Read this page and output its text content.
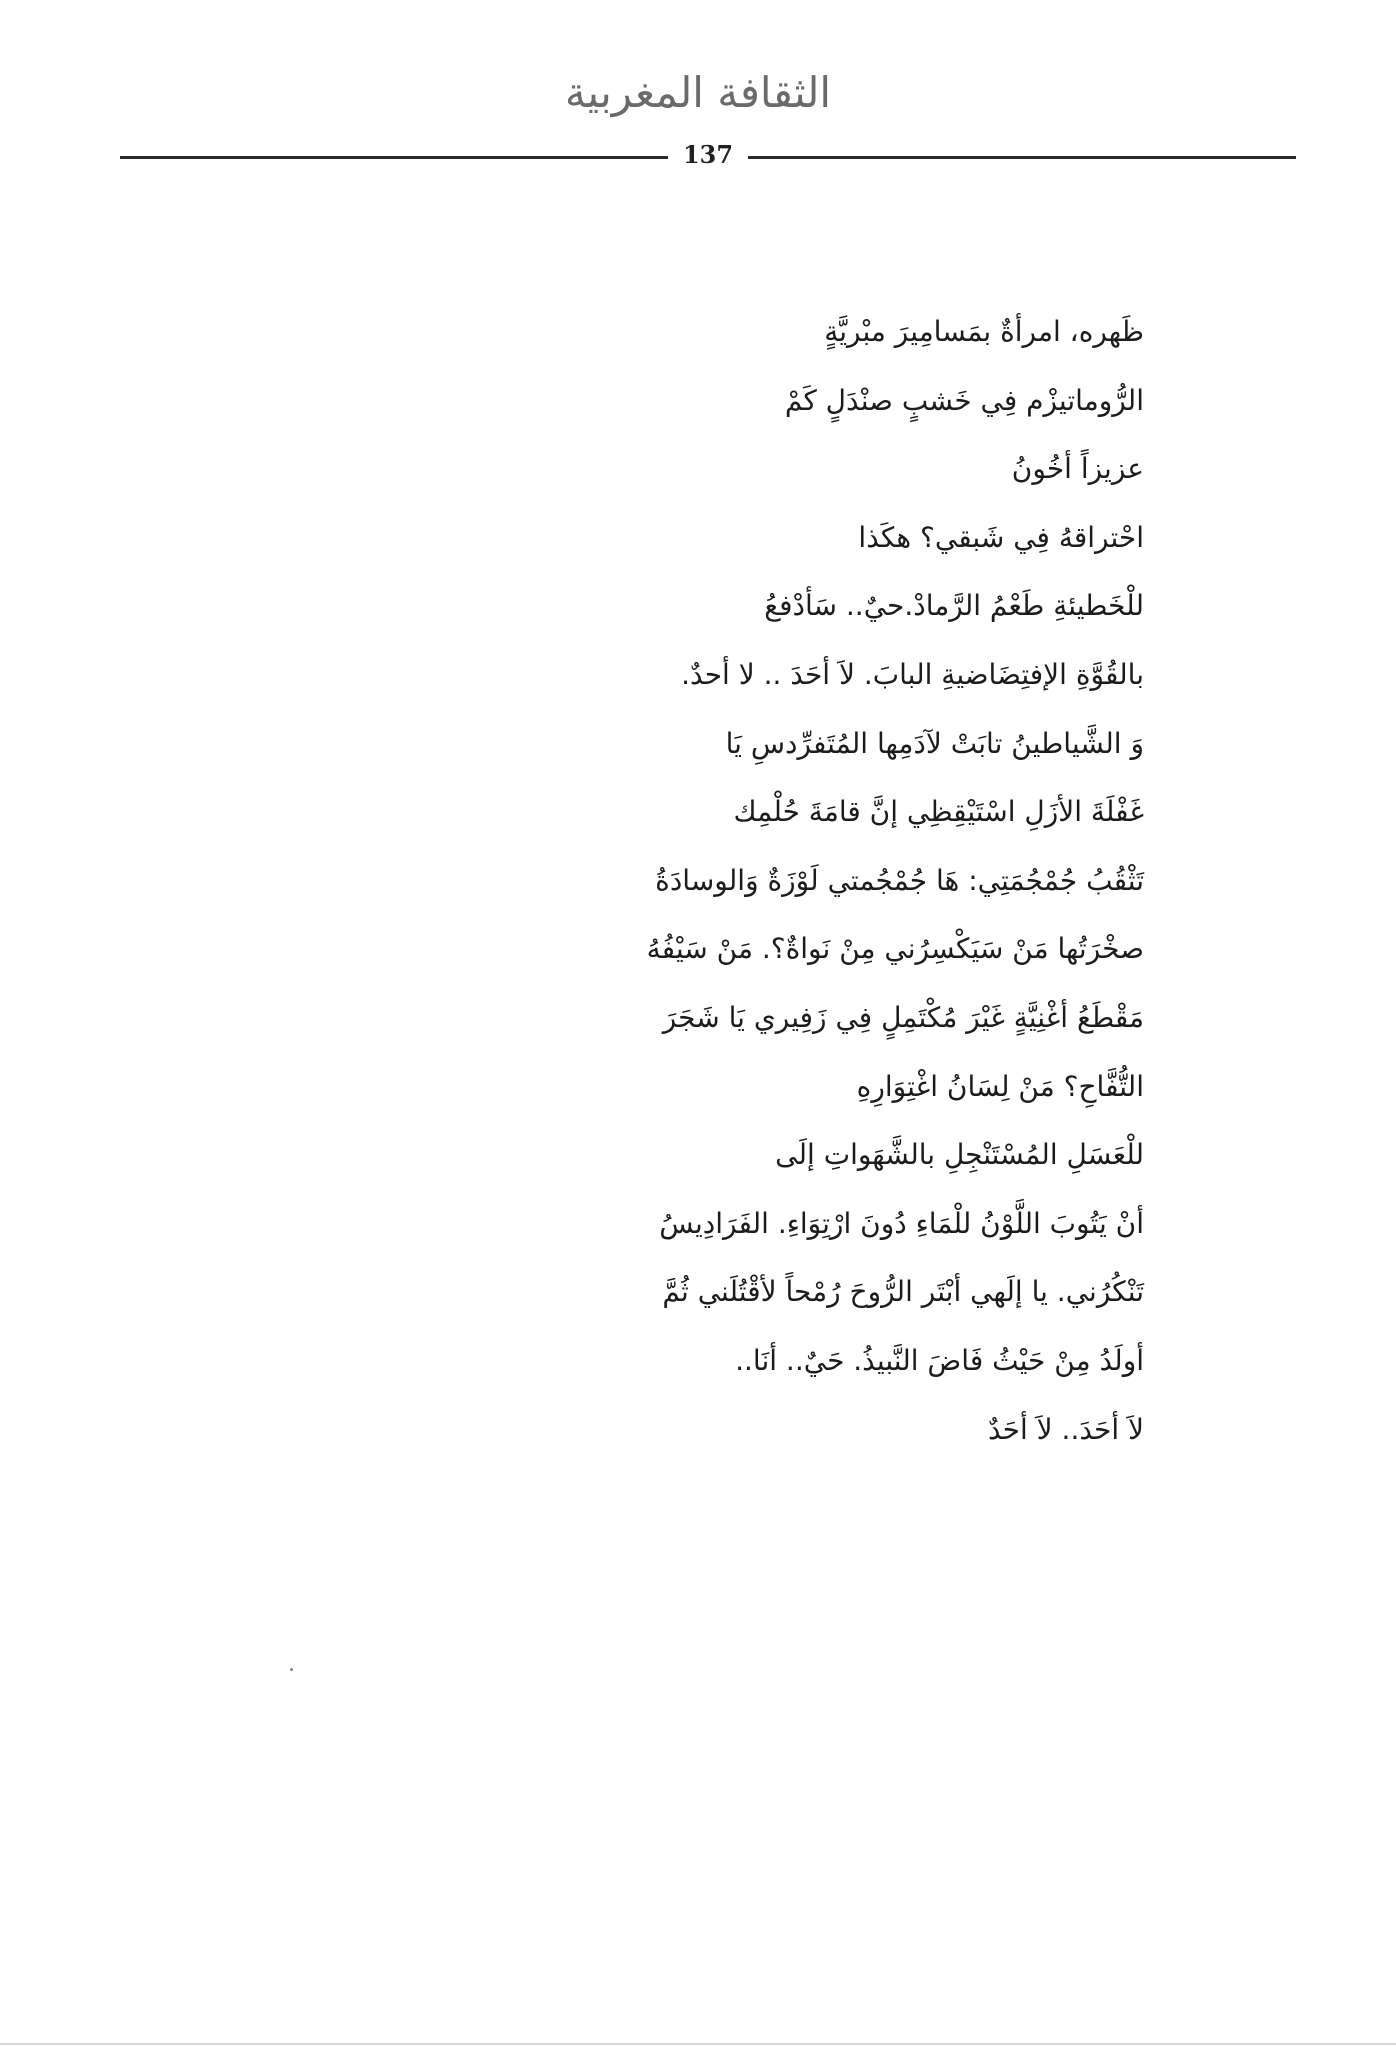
الثقافة المغربية
137
ظَهره، امرأةٌ بمَسامِيرَ مبْريَّةٍ
الرُّوماتيزْم فِي خَشبٍ صنْدَلٍ كَمْ
عزيزاً أخُونُ
احْتراقهُ فِي شَبقي؟ هكَذا
للْخَطيئةِ طَعْمُ الرَّمادْ.حيٌ.. سَأدْفعُ
بالقُوَّةِ الإفتِضَاضيةِ البابَ. لاَ أحَدَ .. لا أحدٌ.
وَ الشَّياطينُ تابَتْ لآدَمِها المُتَفرِّدسِ يَا
غَفْلَةَ الأزَلِ اسْتَيْقِظِي إنَّ قامَةَ حُلْمِك
تَثْقُبُ جُمْجُمَتِي: هَا جُمْجُمتي لَوْزَةٌ وَالوسادَةُ
صخْرَتُها مَنْ سَيَكْسِرُني مِنْ نَواةٌ؟. مَنْ سَيْفُهُ
مَقْطَعُ أغْنِيَّةٍ غَيْرَ مُكْتَمِلٍ فِي زَفِيري يَا شَجَرَ
التُّفَّاحِ؟ مَنْ لِسَانُ اغْتِوَارِهِ
للْعَسَلِ المُسْتَنْجِلِ بالشَّهَواتِ إلَى
أنْ يَتُوبَ اللَّوْنُ للْمَاءِ دُونَ ارْتِوَاءِ. الفَرَادِيسُ
تَنْكُرُني. يا إلَهي أبْتَر الرُّوحَ رُمْحاً لأقْتُلَني ثُمَّ
أولَدُ مِنْ حَيْثُ فَاضَ النَّبيذُ. حَيٌ.. أنَا..
لاَ أحَدَ.. لاَ أحَدٌ
